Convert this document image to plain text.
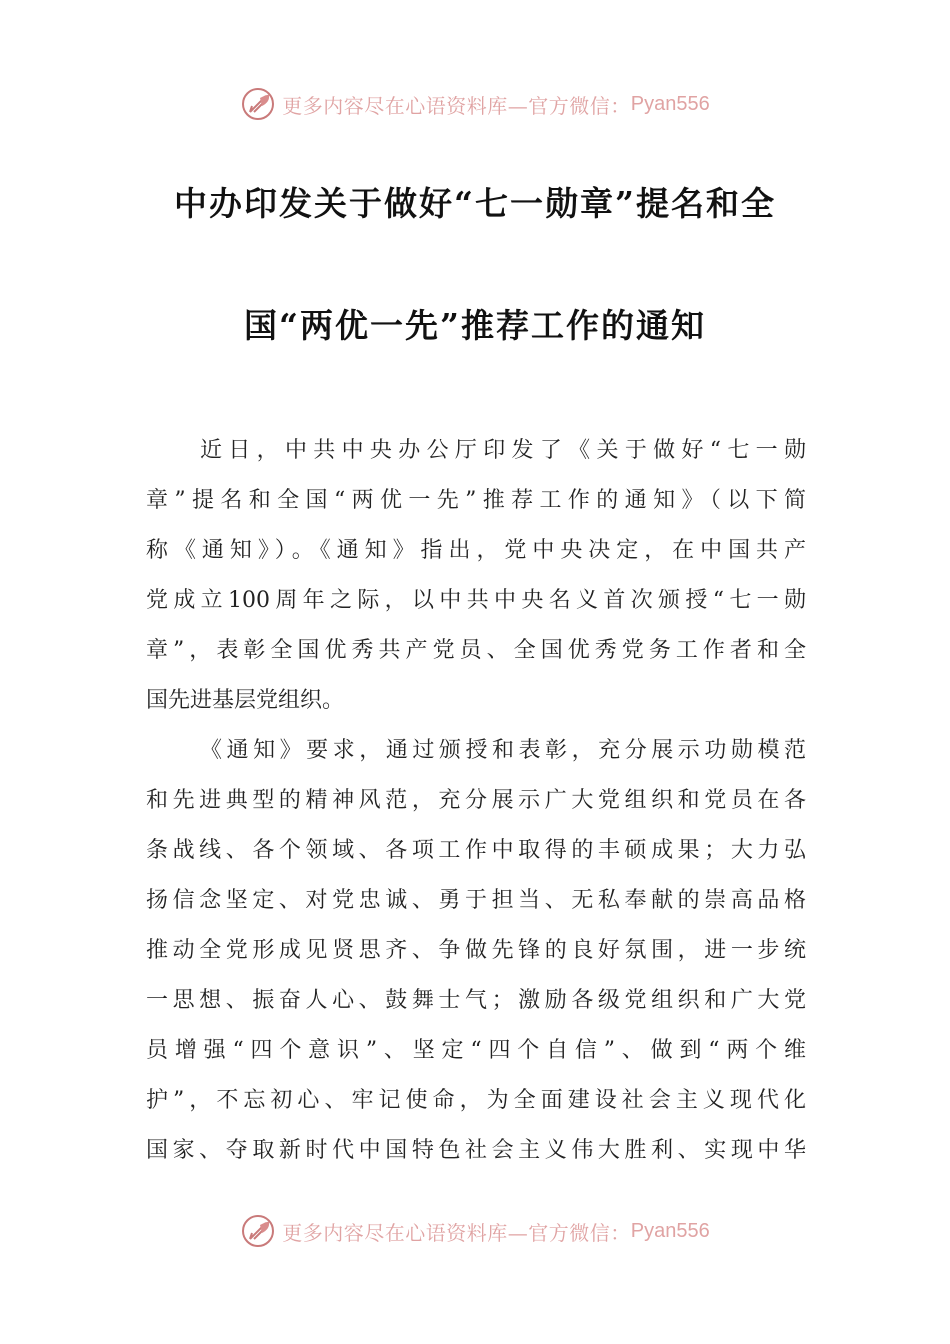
更多内容尽在心语资料库—官方微信： Pyan556
中办印发关于做好“七一勋章”提名和全
国“两优一先”推荐工作的通知
近日，中共中央办公厅印发了《关于做好“七一勋
章”提名和全国“两优一先”推荐工作的通知》（以下简
称《通知》）。《通知》指出，党中央决定，在中国共产
党成立100周年之际，以中共中央名义首次颁授“七一勋
章”，表彰全国优秀共产党员、全国优秀党务工作者和全
国先进基层党组织。
《通知》要求，通过颁授和表彰，充分展示功勋模范
和先进典型的精神风范，充分展示广大党组织和党员在各
条战线、各个领域、各项工作中取得的丰硕成果；大力弘
扬信念坚定、对党忠诚、勇于担当、无私奉献的崇高品格
推动全党形成见贤思齐、争做先锋的良好氛围，进一步统
一思想、振奋人心、鼓舞士气；激励各级党组织和广大党
员增强“四个意识”、坚定“四个自信”、做到“两个维
护”，不忘初心、牢记使命，为全面建设社会主义现代化
国家、夺取新时代中国特色社会主义伟大胜利、实现中华
更多内容尽在心语资料库—官方微信： Pyan556
